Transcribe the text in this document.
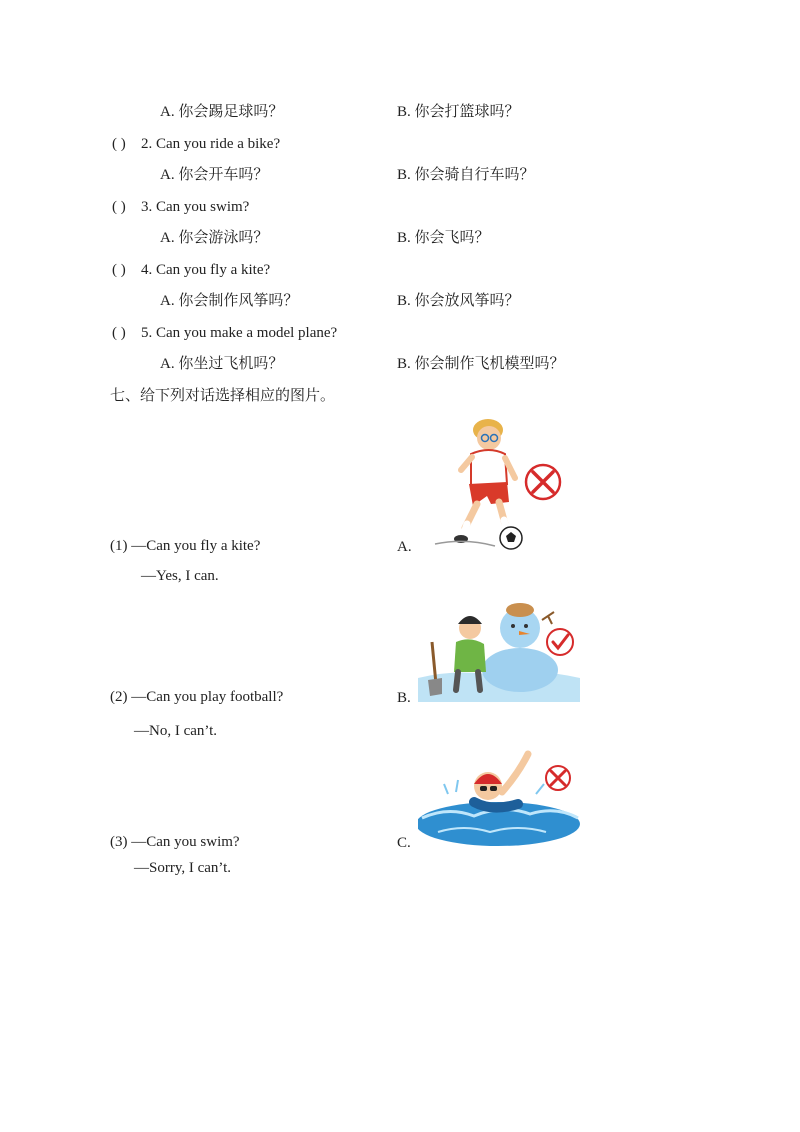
A. 你会踢足球吗？	B. 你会打篮球吗？
( ) 2. Can you ride a bike?
A. 你会开车吗？	B. 你会骑自行车吗？
( ) 3. Can you swim?
A. 你会游泳吗？	B. 你会飞吗？
( ) 4. Can you fly a kite?
A. 你会制作风筝吗？	B. 你会放风筝吗？
( ) 5. Can you make a model plane?
A. 你坐过飞机吗？	B. 你会制作飞机模型吗？
七、给下列对话选择相应的图片。
(1) —Can you fly a kite?
—Yes, I can.
A.
(2) —Can you play football?
—No, I can’t.
B.
(3) —Can you swim?
—Sorry, I can’t.
C.
